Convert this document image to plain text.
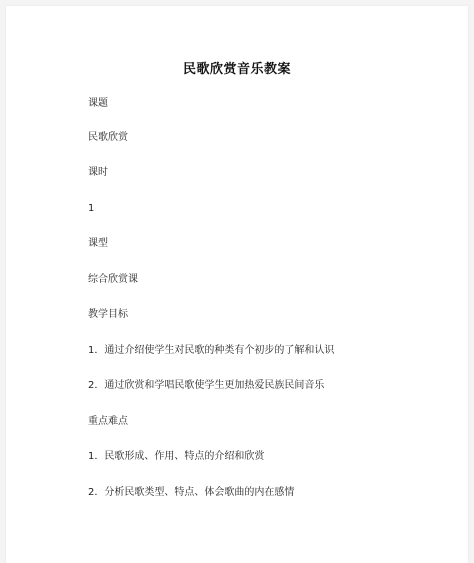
民歌欣赏音乐教案
课题
民歌欣赏
课时
1
课型
综合欣赏课
教学目标
1．通过介绍使学生对民歌的种类有个初步的了解和认识
2．通过欣赏和学唱民歌使学生更加热爱民族民间音乐
重点难点
1．民歌形成、作用、特点的介绍和欣赏
2．分析民歌类型、特点、体会歌曲的内在感情
